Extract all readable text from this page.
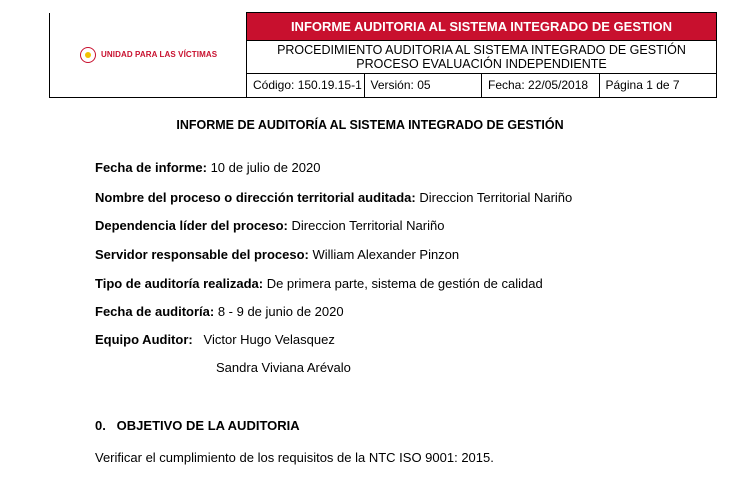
UNIDAD PARA LAS VÍCTIMAS	INFORME AUDITORIA AL SISTEMA INTEGRADO DE GESTION			

	PROCEDIMIENTO AUDITORIA AL SISTEMA INTEGRADO DE GESTIÓN
PROCESO EVALUACIÓN INDEPENDIENTE			

	Código: 150.19.15-1	Versión: 05	Fecha: 22/05/2018	Página 1 de 7
INFORME DE AUDITORÍA AL SISTEMA INTEGRADO DE GESTIÓN
Fecha de informe: 10 de julio de 2020
Nombre del proceso o dirección territorial auditada: Direccion Territorial Nariño
Dependencia líder del proceso: Direccion Territorial Nariño
Servidor responsable del proceso: William Alexander Pinzon
Tipo de auditoría realizada: De primera parte, sistema de gestión de calidad
Fecha de auditoría: 8 - 9 de junio de 2020
Equipo Auditor:   Victor Hugo Velasquez
Sandra Viviana Arévalo
0.   OBJETIVO DE LA AUDITORIA
Verificar el cumplimiento de los requisitos de la NTC ISO 9001: 2015.
